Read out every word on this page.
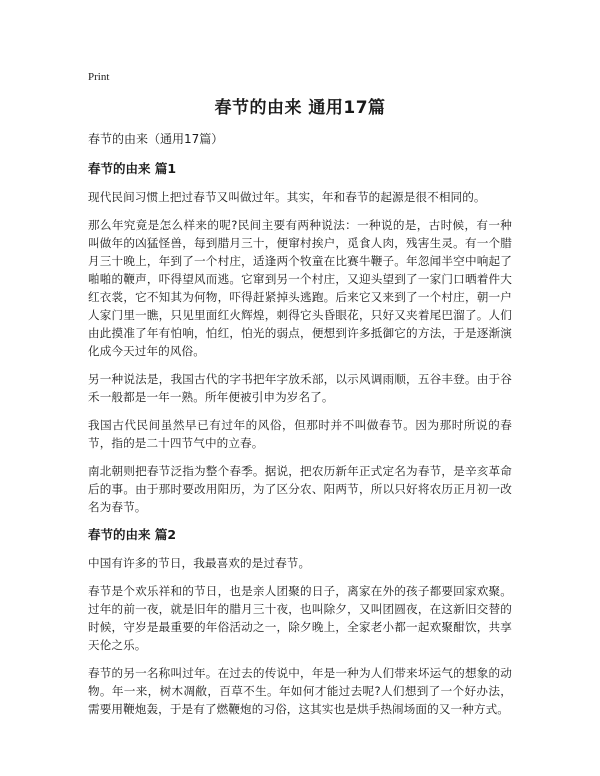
Print
春节的由来 通用17篇
春节的由来（通用17篇）
春节的由来 篇1

现代民间习惯上把过春节又叫做过年。其实，年和春节的起源是很不相同的。

那么年究竟是怎么样来的呢?民间主要有两种说法：一种说的是，古时候，有一种叫做年的凶猛怪兽，每到腊月三十，便窜村挨户，觅食人肉，残害生灵。有一个腊月三十晚上，年到了一个村庄，适逢两个牧童在比赛牛鞭子。年忽闻半空中响起了啪啪的鞭声，吓得望风而逃。它窜到另一个村庄，又迎头望到了一家门口晒着件大红衣裳，它不知其为何物，吓得赶紧掉头逃跑。后来它又来到了一个村庄，朝一户人家门里一瞧，只见里面红火辉煌，刺得它头昏眼花，只好又夹着尾巴溜了。人们由此摸准了年有怕响，怕红，怕光的弱点，便想到许多抵御它的方法，于是逐渐演化成今天过年的风俗。

另一种说法是，我国古代的字书把年字放禾部，以示风调雨顺，五谷丰登。由于谷禾一般都是一年一熟。所年便被引申为岁名了。

我国古代民间虽然早已有过年的风俗，但那时并不叫做春节。因为那时所说的春节，指的是二十四节气中的立春。

南北朝则把春节泛指为整个春季。据说，把农历新年正式定名为春节，是辛亥革命后的事。由于那时要改用阳历，为了区分农、阳两节，所以只好将农历正月初一改名为春节。

春节的由来 篇2

中国有许多的节日，我最喜欢的是过春节。

春节是个欢乐祥和的节日，也是亲人团聚的日子，离家在外的孩子都要回家欢聚。过年的前一夜，就是旧年的腊月三十夜，也叫除夕，又叫团圆夜，在这新旧交替的时候，守岁是最重要的年俗活动之一，除夕晚上，全家老小都一起欢聚酣饮，共享天伦之乐。

春节的另一名称叫过年。在过去的传说中，年是一种为人们带来坏运气的想象的动物。年一来，树木凋敝，百草不生。年如何才能过去呢?人们想到了一个好办法，需要用鞭炮轰，于是有了燃鞭炮的习俗，这其实也是烘手热闹场面的又一种方式。
